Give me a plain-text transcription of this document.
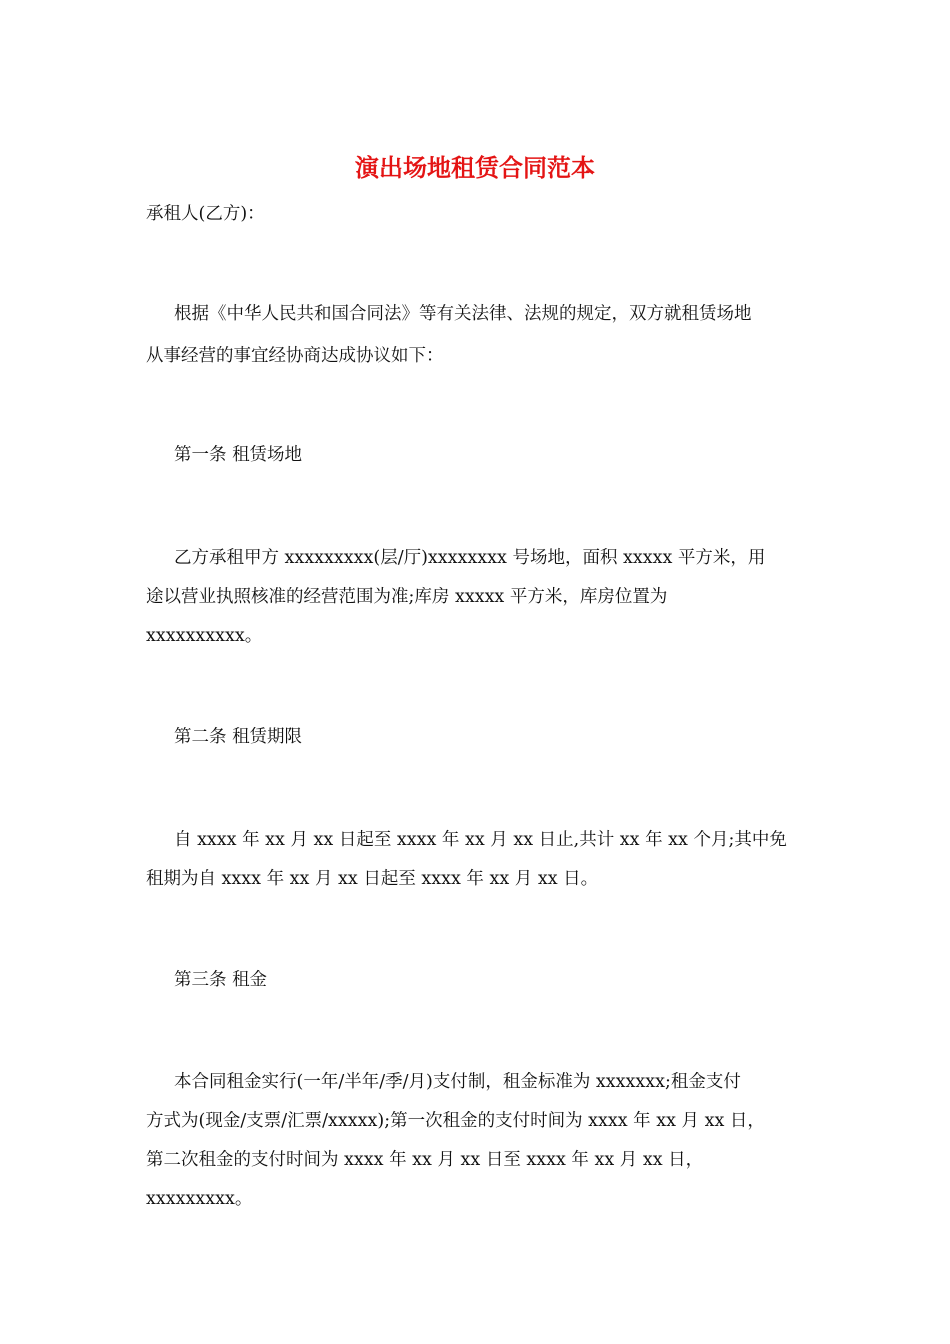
演出场地租赁合同范本
承租人(乙方)：
根据《中华人民共和国合同法》等有关法律、法规的规定，双方就租赁场地
从事经营的事宜经协商达成协议如下：
第一条 租赁场地
乙方承租甲方 xxxxxxxxx(层/厅)xxxxxxxx 号场地，面积 xxxxx 平方米，用
途以营业执照核准的经营范围为准;库房 xxxxx 平方米，库房位置为
xxxxxxxxxx。
第二条 租赁期限
自 xxxx 年 xx 月 xx 日起至 xxxx 年 xx 月 xx 日止,共计 xx 年 xx 个月;其中免
租期为自 xxxx 年 xx 月 xx 日起至 xxxx 年 xx 月 xx 日。
第三条 租金
本合同租金实行(一年/半年/季/月)支付制，租金标准为 xxxxxxx;租金支付
方式为(现金/支票/汇票/xxxxx);第一次租金的支付时间为 xxxx 年 xx 月 xx 日，
第二次租金的支付时间为 xxxx 年 xx 月 xx 日至 xxxx 年 xx 月 xx 日，
xxxxxxxxx。
